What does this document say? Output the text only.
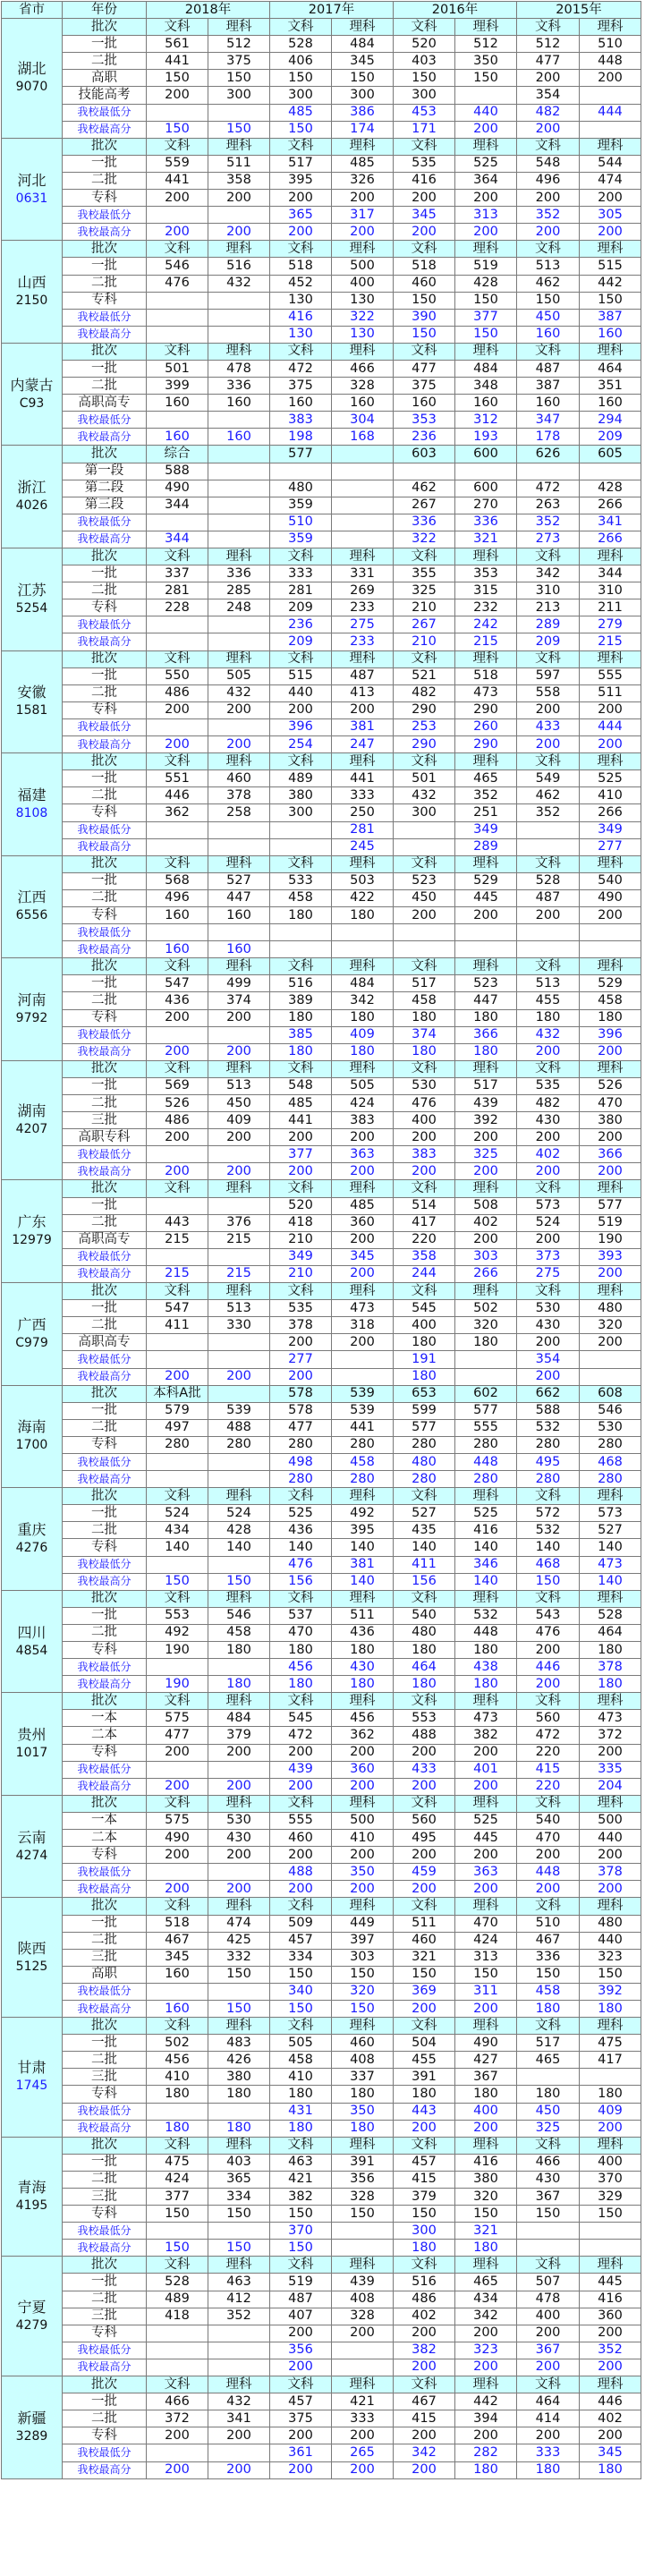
省市	年份	2018年		2017年		2016年		2015年	
湖北
9070	批次	文科	理科	文科	理科	文科	理科	文科	理科
	一批	561	512	528	484	520	512	512	510
	二批	441	375	406	345	403	350	477	448
	高职	150	150	150	150	150	150	200	200
	技能高考	200	300	300	300	300		354	
	我校最低分			485	386	453	440	482	444
	我校最高分	150	150	150	174	171	200	200	
河北
0631	批次	文科	理科	文科	理科	文科	理科	文科	理科
	一批	559	511	517	485	535	525	548	544
	二批	441	358	395	326	416	364	496	474
	专科	200	200	200	200	200	200	200	200
	我校最低分			365	317	345	313	352	305
	我校最高分	200	200	200	200	200	200	200	200
山西
2150	批次	文科	理科	文科	理科	文科	理科	文科	理科
	一批	546	516	518	500	518	519	513	515
	二批	476	432	452	400	460	428	462	442
	专科			130	130	150	150	150	150
	我校最低分			416	322	390	377	450	387
	我校最高分			130	130	150	150	160	160
内蒙古
C93	批次	文科	理科	文科	理科	文科	理科	文科	理科
	一批	501	478	472	466	477	484	487	464
	二批	399	336	375	328	375	348	387	351
	高职高专	160	160	160	160	160	160	160	160
	我校最低分			383	304	353	312	347	294
	我校最高分	160	160	198	168	236	193	178	209
浙江
4026	批次	综合		577		603	600	626	605
	第一段	588							
	第二段	490		480		462	600	472	428
	第三段	344		359		267	270	263	266
	我校最低分			510		336	336	352	341
	我校最高分	344		359		322	321	273	266
江苏
5254	批次	文科	理科	文科	理科	文科	理科	文科	理科
	一批	337	336	333	331	355	353	342	344
	二批	281	285	281	269	325	315	310	310
	专科	228	248	209	233	210	232	213	211
	我校最低分			236	275	267	242	289	279
	我校最高分			209	233	210	215	209	215
安徽
1581	批次	文科	理科	文科	理科	文科	理科	文科	理科
	一批	550	505	515	487	521	518	597	555
	二批	486	432	440	413	482	473	558	511
	专科	200	200	200	200	290	290	200	200
	我校最低分			396	381	253	260	433	444
	我校最高分	200	200	254	247	290	290	200	200
福建
8108	批次	文科	理科	文科	理科	文科	理科	文科	理科
	一批	551	460	489	441	501	465	549	525
	二批	446	378	380	333	432	352	462	410
	专科	362	258	300	250	300	251	352	266
	我校最低分				281		349		349
	我校最高分				245		289		277
江西
6556	批次	文科	理科	文科	理科	文科	理科	文科	理科
	一批	568	527	533	503	523	529	528	540
	二批	496	447	458	422	450	445	487	490
	专科	160	160	180	180	200	200	200	200
	我校最低分								
	我校最高分	160	160						
河南
9792	批次	文科	理科	文科	理科	文科	理科	文科	理科
	一批	547	499	516	484	517	523	513	529
	二批	436	374	389	342	458	447	455	458
	专科	200	200	180	180	180	180	180	180
	我校最低分			385	409	374	366	432	396
	我校最高分	200	200	180	180	180	180	200	200
湖南
4207	批次	文科	理科	文科	理科	文科	理科	文科	理科
	一批	569	513	548	505	530	517	535	526
	二批	526	450	485	424	476	439	482	470
	三批	486	409	441	383	400	392	430	380
	高职专科	200	200	200	200	200	200	200	200
	我校最低分			377	363	383	325	402	366
	我校最高分	200	200	200	200	200	200	200	200
广东
12979	批次	文科	理科	文科	理科	文科	理科	文科	理科
	一批			520	485	514	508	573	577
	二批	443	376	418	360	417	402	524	519
	高职高专	215	215	210	200	220	200	200	190
	我校最低分			349	345	358	303	373	393
	我校最高分	215	215	210	200	244	266	275	200
广西
C979	批次	文科	理科	文科	理科	文科	理科	文科	理科
	一批	547	513	535	473	545	502	530	480
	二批	411	330	378	318	400	320	430	320
	高职高专			200	200	180	180	200	200
	我校最低分			277		191		354	
	我校最高分	200	200	200		180		200	
海南
1700	批次	本科A批		578	539	653	602	662	608
	一批	579	539	578	539	599	577	588	546
	二批	497	488	477	441	577	555	532	530
	专科	280	280	280	280	280	280	280	280
	我校最低分			498	458	480	448	495	468
	我校最高分			280	280	280	280	280	280
重庆
4276	批次	文科	理科	文科	理科	文科	理科	文科	理科
	一批	524	524	525	492	527	525	572	573
	二批	434	428	436	395	435	416	532	527
	专科	140	140	140	140	140	140	140	140
	我校最低分			476	381	411	346	468	473
	我校最高分	150	150	156	140	156	140	150	140
四川
4854	批次	文科	理科	文科	理科	文科	理科	文科	理科
	一批	553	546	537	511	540	532	543	528
	二批	492	458	470	436	480	448	476	464
	专科	190	180	180	180	180	180	200	180
	我校最低分			456	430	464	438	446	378
	我校最高分	190	180	180	180	180	180	200	180
贵州
1017	批次	文科	理科	文科	理科	文科	理科	文科	理科
	一本	575	484	545	456	553	473	560	473
	二本	477	379	472	362	488	382	472	372
	专科	200	200	200	200	200	200	220	200
	我校最低分			439	360	433	401	415	335
	我校最高分	200	200	200	200	200	200	220	204
云南
4274	批次	文科	理科	文科	理科	文科	理科	文科	理科
	一本	575	530	555	500	560	525	540	500
	二本	490	430	460	410	495	445	470	440
	专科	200	200	200	200	200	200	200	200
	我校最低分			488	350	459	363	448	378
	我校最高分	200	200	200	200	200	200	200	200
陕西
5125	批次	文科	理科	文科	理科	文科	理科	文科	理科
	一批	518	474	509	449	511	470	510	480
	二批	467	425	457	397	460	424	467	440
	三批	345	332	334	303	321	313	336	323
	高职	160	150	150	150	150	150	150	150
	我校最低分			340	320	369	311	458	392
	我校最高分	160	150	150	150	200	200	180	180
甘肃
1745	批次	文科	理科	文科	理科	文科	理科	文科	理科
	一批	502	483	505	460	504	490	517	475
	二批	456	426	458	408	455	427	465	417
	三批	410	380	410	337	391	367		
	专科	180	180	180	180	180	180	180	180
	我校最低分			431	350	443	400	450	409
	我校最高分	180	180	180	180	200	200	325	200
青海
4195	批次	文科	理科	文科	理科	文科	理科	文科	理科
	一批	475	403	463	391	457	416	466	400
	二批	424	365	421	356	415	380	430	370
	三批	377	334	382	328	379	320	367	329
	专科	150	150	150	150	150	150	150	150
	我校最低分			370		300	321		
	我校最高分	150	150	150		180	180		
宁夏
4279	批次	文科	理科	文科	理科	文科	理科	文科	理科
	一批	528	463	519	439	516	465	507	445
	二批	489	412	487	408	486	434	478	416
	三批	418	352	407	328	402	342	400	360
	专科			200	200	200	200	200	200
	我校最低分			356		382	323	367	352
	我校最高分			200		200	200	200	200
新疆
3289	批次	文科	理科	文科	理科	文科	理科	文科	理科
	一批	466	432	457	421	467	442	464	446
	二批	372	341	375	333	415	394	414	402
	专科	200	200	200	200	200	200	200	200
	我校最低分			361	265	342	282	333	345
	我校最高分	200	200	200	200	200	180	180	180
